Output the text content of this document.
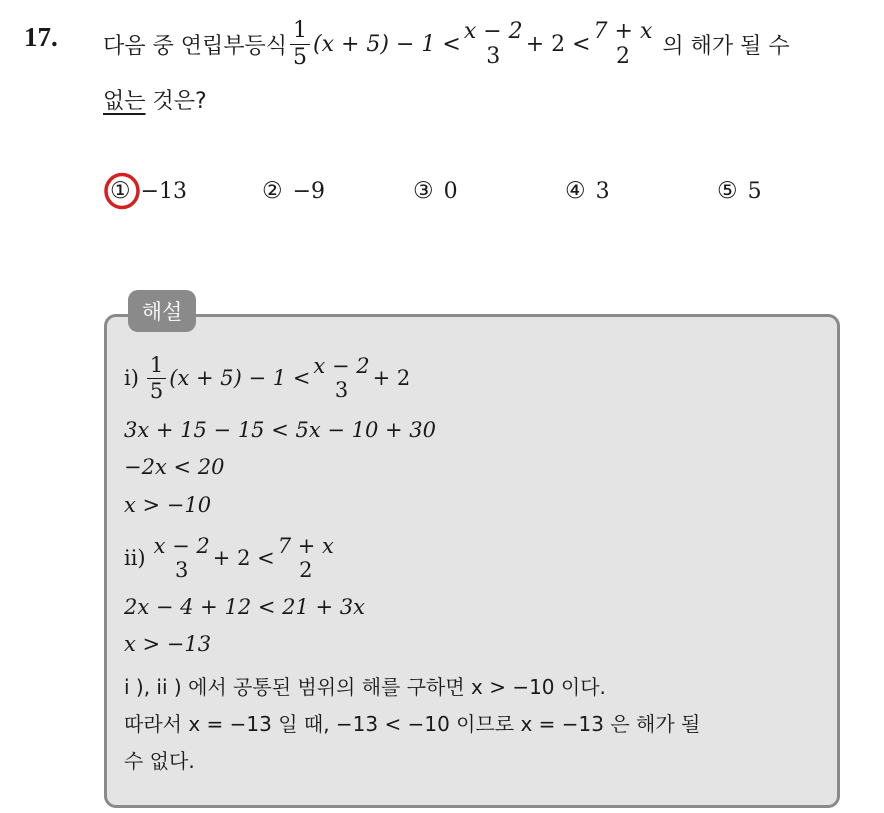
17. 다음 중 연립부등식 $\frac{1}{5} (x + 5) - 1 < x - 2$
3 + 2 < 7 + x
2 의 해가 될 수
없는 것은?
① −13	② −9	③ 0	④ 3	⑤ 5
해설
$i) \frac{1}{5} (x + 5) - 1 < x - 2$
3 + 2
3x + 15 − 15 < 5x − 10 + 30
−2x < 20
x > −10
ii) x − 2
3 + 2 < 7 + x
2
2x − 4 + 12 < 21 + 3x
x > −13
i ), ii ) 에서 공통된 범위의 해를 구하면 x > −10 이다.
따라서 x = −13 일 때, −13 < −10 이므로 x = −13 은 해가 될
수 없다.
